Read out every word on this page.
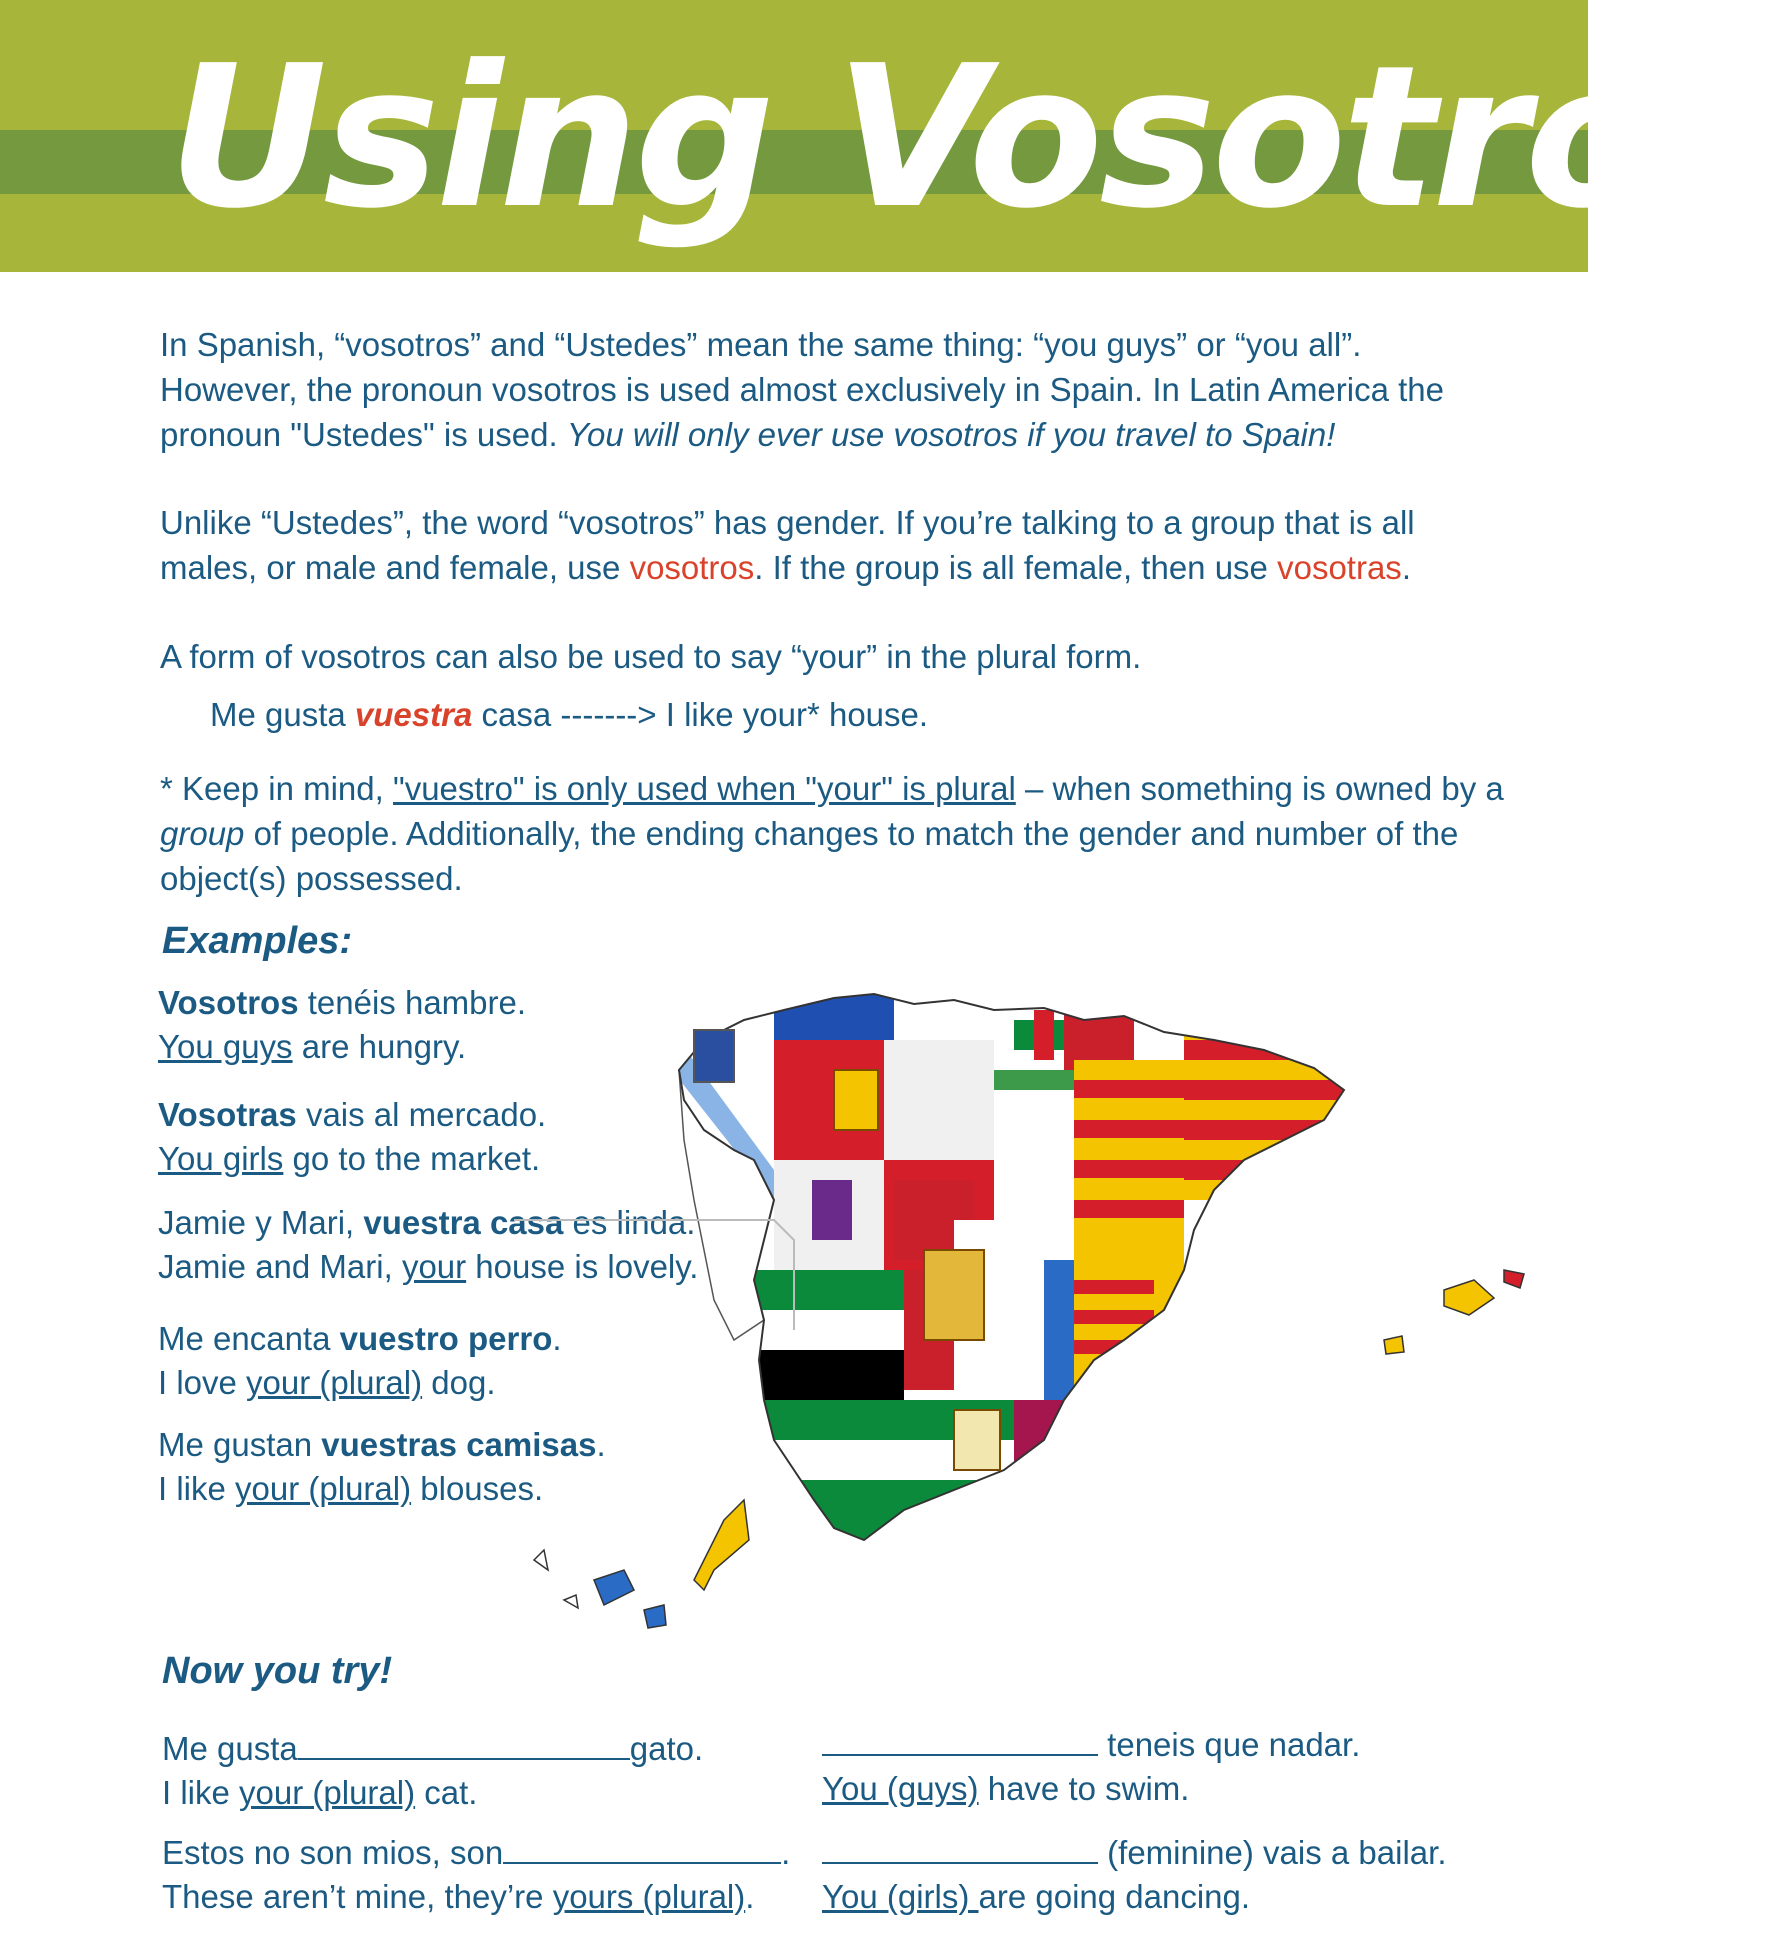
Using Vosotros

In Spanish, “vosotros” and “Ustedes” mean the same thing: “you guys” or “you all”. However, the pronoun vosotros is used almost exclusively in Spain. In Latin America the pronoun "Ustedes" is used. You will only ever use vosotros if you travel to Spain!

Unlike “Ustedes”, the word “vosotros” has gender. If you’re talking to a group that is all males, or male and female, use vosotros. If the group is all female, then use vosotras.

A form of vosotros can also be used to say “your” in the plural form.

Me gusta vuestra casa -------> I like your* house.

* Keep in mind, "vuestro" is only used when "your" is plural – when something is owned by a group of people. Additionally, the ending changes to match the gender and number of the object(s) possessed.

Examples:

Vosotros tenéis hambre.

You guys are hungry.

Vosotras vais al mercado.

You girls go to the market.

Jamie y Mari, vuestra casa es linda.

Jamie and Mari, your house is lovely.

Me encanta vuestro perro.

I love your (plural) dog.

Me gustan vuestras camisas.

I like your (plural) blouses.

Now you try!

Me gusta	gato.

I like your (plural) cat.

Estos no son mios, son	.

These aren’t mine, they’re yours (plural).

teneis que nadar.

You (guys) have to swim.

(feminine) vais a bailar.

You (girls) are going dancing.
